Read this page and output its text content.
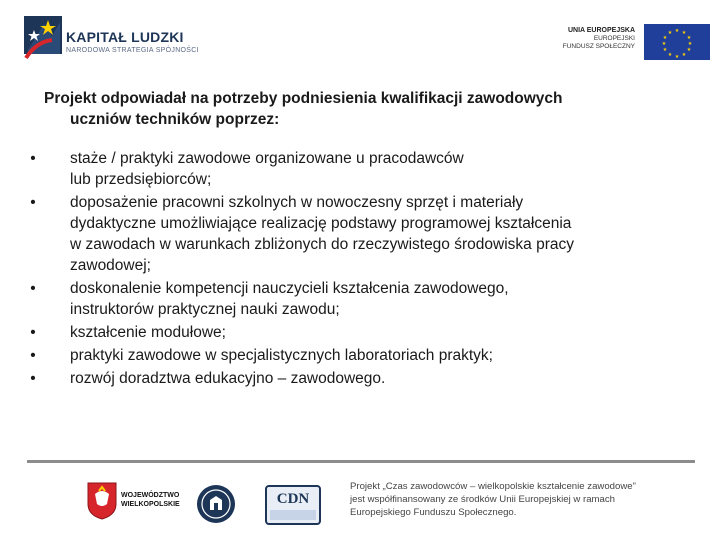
KAPITAŁ LUDZKI
NARODOWA STRATEGIA SPÓJNOŚCI
UNIA EUROPEJSKA
EUROPEJSKI
FUNDUSZ SPOŁECZNY
★ ★
★
★
★
★
★
★
★
★
★
★
Projekt odpowiadał na potrzeby podniesienia kwalifikacji zawodowych
uczniów techników poprzez:
• staże / praktyki zawodowe organizowane u pracodawców
lub przedsiębiorców;
• doposażenie pracowni szkolnych w nowoczesny sprzęt i materiały
dydaktyczne umożliwiające realizację podstawy programowej kształcenia
w zawodach w warunkach zbliżonych do rzeczywistego środowiska pracy
zawodowej;
• doskonalenie kompetencji nauczycieli kształcenia zawodowego,
instruktorów praktycznej nauki zawodu;
• kształcenie modułowe;
• praktyki zawodowe w specjalistycznych laboratoriach praktyk;
• rozwój doradztwa edukacyjno – zawodowego.
WOJEWÓDZTWO
WIELKOPOLSKIE	CDN
Projekt „Czas zawodowców – wielkopolskie kształcenie zawodowe”
jest współfinansowany ze środków Unii Europejskiej w ramach
Europejskiego Funduszu Społecznego.
